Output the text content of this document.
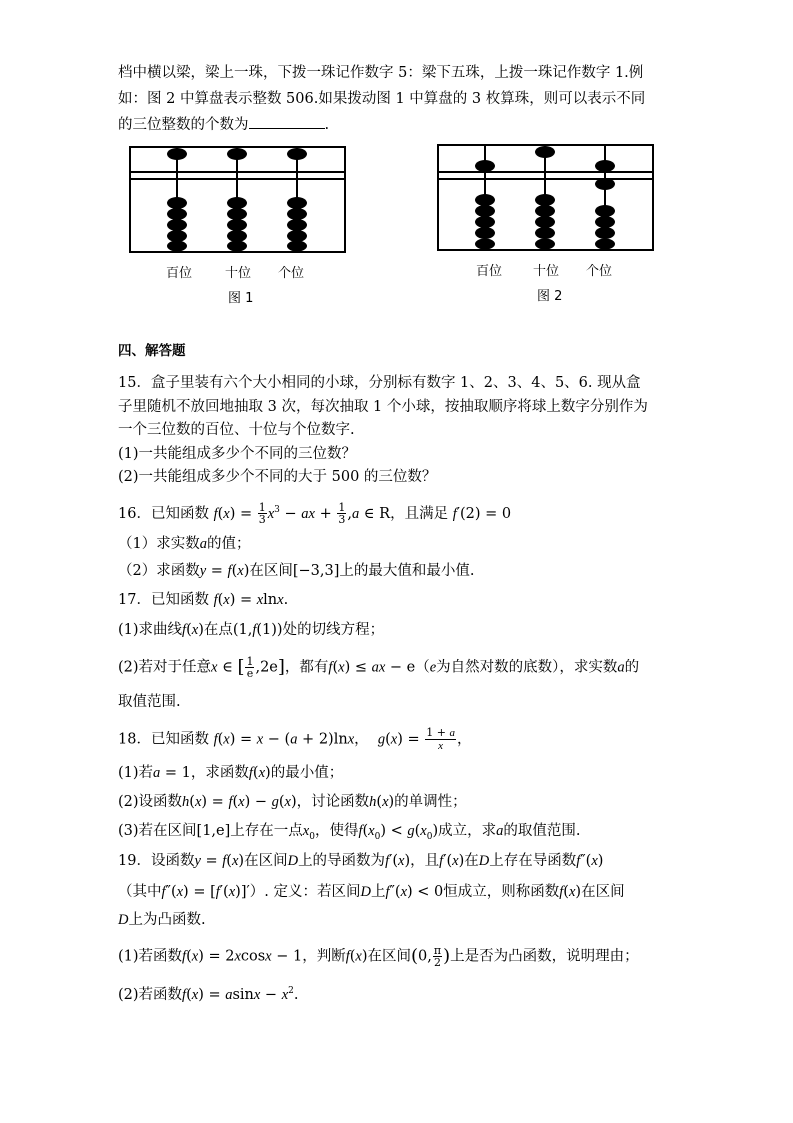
档中横以梁，梁上一珠，下拨一珠记作数字 5：梁下五珠，上拨一珠记作数字 1.例
如：图 2 中算盘表示整数 506.如果拨动图 1 中算盘的 3 枚算珠，则可以表示不同
的三位整数的个数为	.
百位	十位 个位
图 1
百位 十位 个位
图 2
四、解答题
15．盒子里装有六个大小相同的小球，分别标有数字 1、2、3、4、5、6. 现从盒
子里随机不放回地抽取 3 次，每次抽取 1 个小球，按抽取顺序将球上数字分别作为
一个三位数的百位、十位与个位数字.
(1)一共能组成多少个不同的三位数？
(2)一共能组成多少个不同的大于 500 的三位数？
16．已知函数 $f(x) = \frac{1}{3} x^3$ − ax + $\frac{1}{3} ,a$ ∈ R，且满足 f′(2) = 0
（1）求实数a的值；
（2）求函数y = f(x)在区间[−3,3]上的最大值和最小值.
17．已知函数 f(x) = xlnx.
(1)求曲线f(x)在点(1,f(1))处的切线方程；
(2)若对于任意x ∈ [ $\frac{1}{e} ,2e$]，都有f(x) ≤ ax − e（e为自然对数的底数），求实数a的
取值范围.
18．已知函数 f(x) = x − (a + 2)lnx，  $g(x) = \frac{1 + a}{x}$ ，
(1)若a = 1，求函数f(x)的最小值；
(2)设函数h(x) = f(x) − g(x)，讨论函数h(x)的单调性；
(3)若在区间[1,e]上存在一点$x_0$，使得$f(x_0) < g(x_0)$成立，求a的取值范围.
19．设函数y = f(x)在区间D上的导函数为f′(x)，且f′(x)在D上存在导函数f″(x)
（其中f″(x) = [f′(x)]′）. 定义：若区间D上f″(x) < 0恒成立，则称函数f(x)在区间
D上为凸函数.
(1)若函数f(x) = 2xcosx − 1，判断f(x)在区间(0, $\frac{\pi}{2}$ )上是否为凸函数，说明理由；
(2)若函数$f(x) = asinx - x^2$.
